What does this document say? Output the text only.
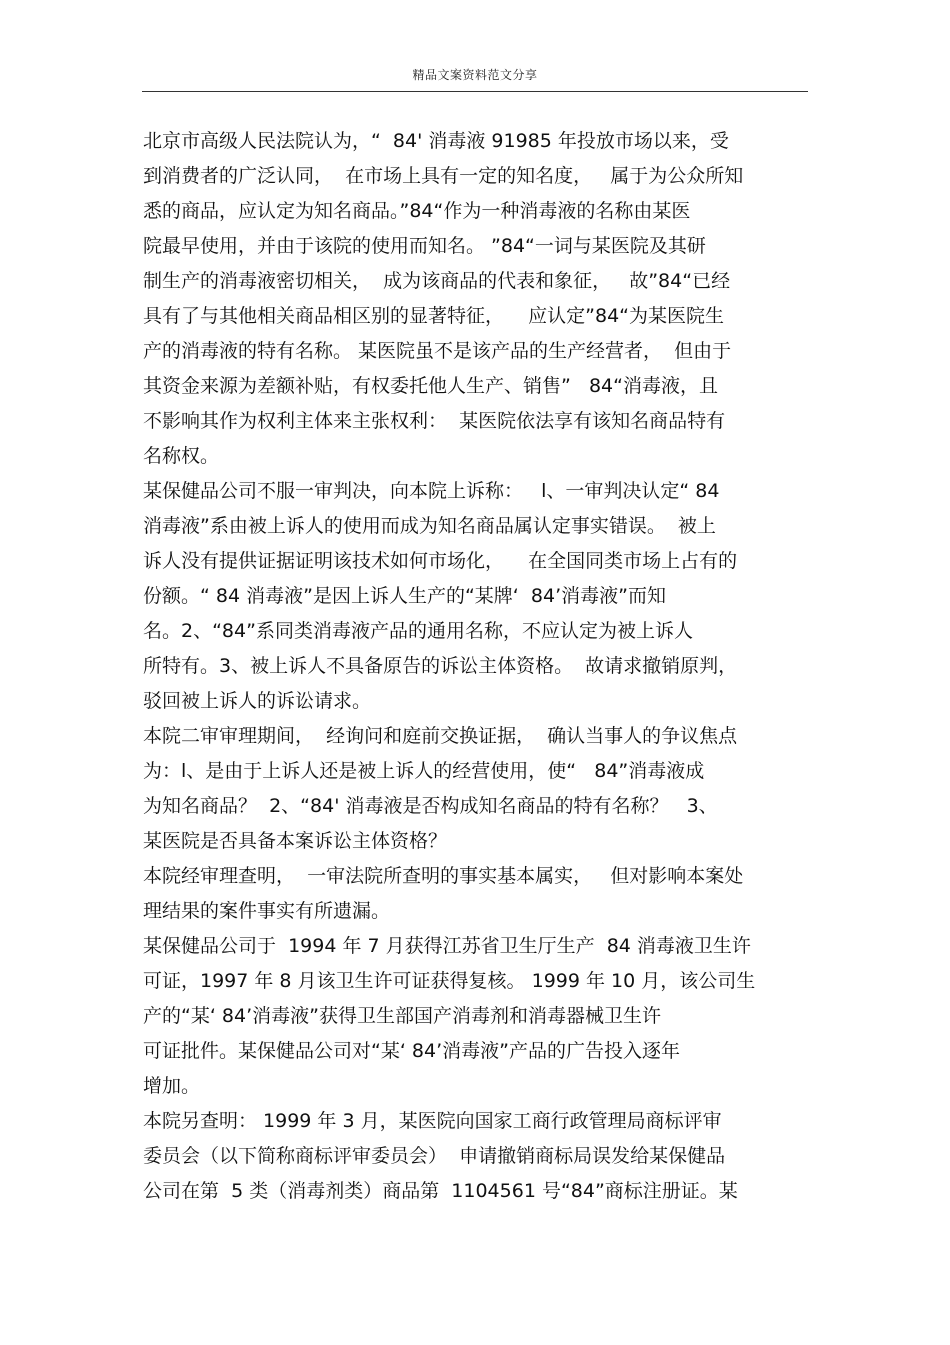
精品文案资料范文分享
北京市高级人民法院认为，“  84' 消毒液 91985 年投放市场以来，受
到消费者的广泛认同，  在市场上具有一定的知名度，   属于为公众所知
悉的商品，应认定为知名商品。”84“作为一种消毒液的名称由某医
院最早使用，并由于该院的使用而知名。 ”84“一词与某医院及其研
制生产的消毒液密切相关，  成为该商品的代表和象征，   故”84“已经
具有了与其他相关商品相区别的显著特征，    应认定”84“为某医院生
产的消毒液的特有名称。 某医院虽不是该产品的生产经营者，  但由于
其资金来源为差额补贴，有权委托他人生产、销售”   84“消毒液，且
不影响其作为权利主体来主张权利：  某医院依法享有该知名商品特有
名称权。
某保健品公司不服一审判决，向本院上诉称：   l、一审判决认定“ 84
消毒液”系由被上诉人的使用而成为知名商品属认定事实错误。  被上
诉人没有提供证据证明该技术如何市场化，    在全国同类市场上占有的
份额。“ 84 消毒液”是因上诉人生产的“某牌‘  84’消毒液”而知
名。2、“84”系同类消毒液产品的通用名称，不应认定为被上诉人
所特有。3、被上诉人不具备原告的诉讼主体资格。  故请求撤销原判，
驳回被上诉人的诉讼请求。
本院二审审理期间，  经询问和庭前交换证据，  确认当事人的争议焦点
为：l、是由于上诉人还是被上诉人的经营使用，使“   84”消毒液成
为知名商品？  2、“84' 消毒液是否构成知名商品的特有名称？   3、
某医院是否具备本案诉讼主体资格？
本院经审理查明，  一审法院所查明的事实基本属实，   但对影响本案处
理结果的案件事实有所遗漏。
某保健品公司于  1994 年 7 月获得江苏省卫生厅生产  84 消毒液卫生许
可证，1997 年 8 月该卫生许可证获得复核。 1999 年 10 月，该公司生
产的“某‘ 84’消毒液”获得卫生部国产消毒剂和消毒器械卫生许
可证批件。某保健品公司对“某‘ 84’消毒液”产品的广告投入逐年
增加。
本院另查明： 1999 年 3 月，某医院向国家工商行政管理局商标评审
委员会（以下简称商标评审委员会）  申请撤销商标局误发给某保健品
公司在第  5 类（消毒剂类）商品第  1104561 号“84”商标注册证。某
